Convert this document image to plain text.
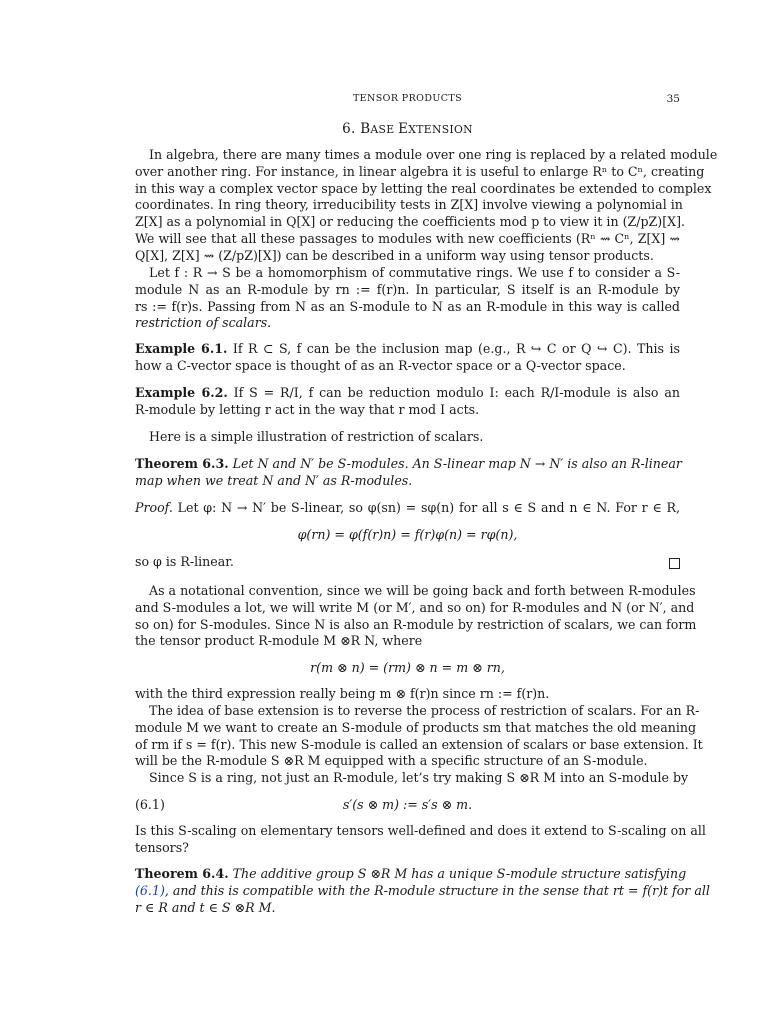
TENSOR PRODUCTS	35
6. BASE EXTENSION
In algebra, there are many times a module over one ring is replaced by a related module
over another ring. For instance, in linear algebra it is useful to enlarge Rⁿ to Cⁿ, creating
in this way a complex vector space by letting the real coordinates be extended to complex
coordinates. In ring theory, irreducibility tests in Z[X] involve viewing a polynomial in
Z[X] as a polynomial in Q[X] or reducing the coefficients mod p to view it in (Z/pZ)[X].
We will see that all these passages to modules with new coefficients (Rⁿ ⇝ Cⁿ, Z[X] ⇝
Q[X], Z[X] ⇝ (Z/pZ)[X]) can be described in a uniform way using tensor products.
Let f : R → S be a homomorphism of commutative rings. We use f to consider a S-
module N as an R-module by rn := f(r)n. In particular, S itself is an R-module by
rs := f(r)s. Passing from N as an S-module to N as an R-module in this way is called
restriction of scalars.
Example 6.1. If R ⊂ S, f can be the inclusion map (e.g., R ↪ C or Q ↪ C). This is
how a C-vector space is thought of as an R-vector space or a Q-vector space.
Example 6.2. If S = R/I, f can be reduction modulo I: each R/I-module is also an
R-module by letting r act in the way that r mod I acts.
Here is a simple illustration of restriction of scalars.
Theorem 6.3. Let N and N′ be S-modules. An S-linear map N → N′ is also an R-linear
map when we treat N and N′ as R-modules.
Proof. Let φ: N → N′ be S-linear, so φ(sn) = sφ(n) for all s ∈ S and n ∈ N. For r ∈ R,
φ(rn) = φ(f(r)n) = f(r)φ(n) = rφ(n),
so φ is R-linear.
As a notational convention, since we will be going back and forth between R-modules
and S-modules a lot, we will write M (or M′, and so on) for R-modules and N (or N′, and
so on) for S-modules. Since N is also an R-module by restriction of scalars, we can form
the tensor product R-module M ⊗R N, where
r(m ⊗ n) = (rm) ⊗ n = m ⊗ rn,
with the third expression really being m ⊗ f(r)n since rn := f(r)n.
The idea of base extension is to reverse the process of restriction of scalars. For an R-
module M we want to create an S-module of products sm that matches the old meaning
of rm if s = f(r). This new S-module is called an extension of scalars or base extension. It
will be the R-module S ⊗R M equipped with a specific structure of an S-module.
Since S is a ring, not just an R-module, let’s try making S ⊗R M into an S-module by
(6.1)	s′(s ⊗ m) := s′s ⊗ m.
Is this S-scaling on elementary tensors well-defined and does it extend to S-scaling on all
tensors?
Theorem 6.4. The additive group S ⊗R M has a unique S-module structure satisfying
(6.1), and this is compatible with the R-module structure in the sense that rt = f(r)t for all
r ∈ R and t ∈ S ⊗R M.
